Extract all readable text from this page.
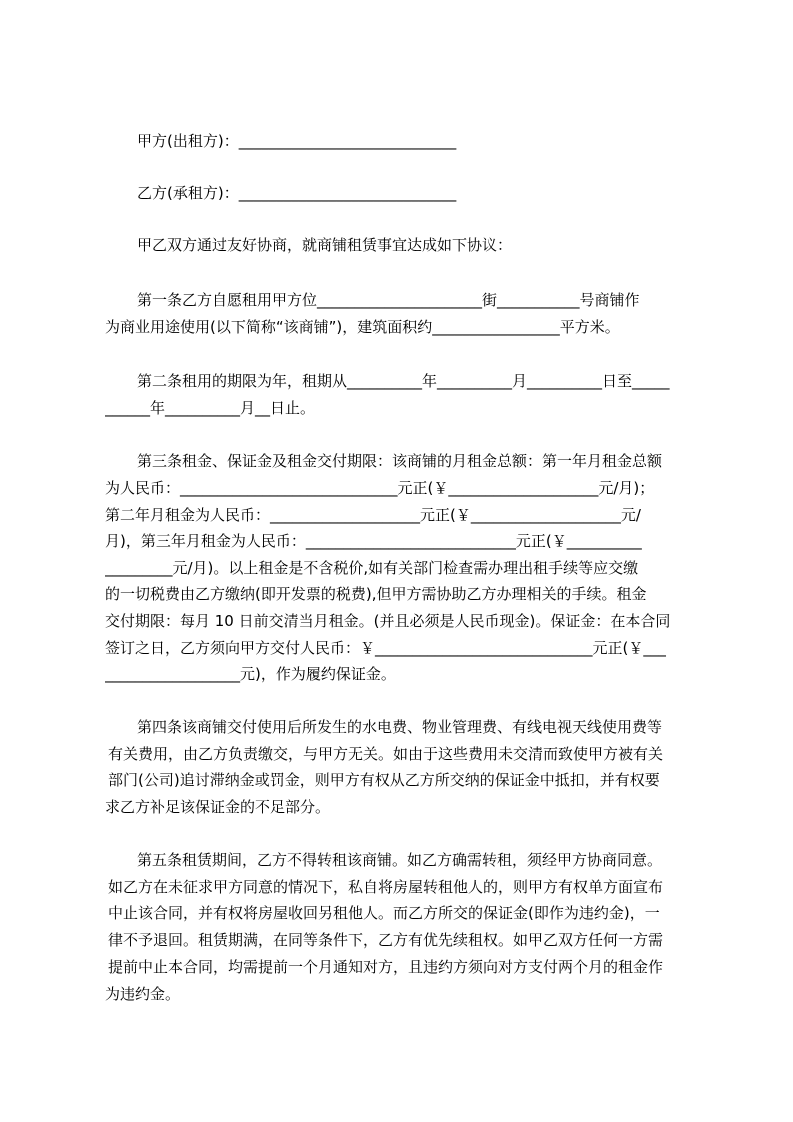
甲方(出租方)：_____________________________
乙方(承租方)：_____________________________
甲乙双方通过友好协商，就商铺租赁事宜达成如下协议：
第一条乙方自愿租用甲方位______________________街___________号商铺作
为商业用途使用(以下简称“该商铺”)，建筑面积约_________________平方米。
第二条租用的期限为年，租期从__________年__________月__________日至_____
______年__________月__日止。
第三条租金、保证金及租金交付期限：该商铺的月租金总额：第一年月租金总额
为人民币：_____________________________元正(￥____________________元/月)；
第二年月租金为人民币：____________________元正(￥____________________元/
月)，第三年月租金为人民币：____________________________元正(￥__________
_________元/月)。以上租金是不含税价,如有关部门检查需办理出租手续等应交缴
的一切税费由乙方缴纳(即开发票的税费),但甲方需协助乙方办理相关的手续。租金
交付期限：每月 10 日前交清当月租金。(并且必须是人民币现金)。保证金：在本合同
签订之日，乙方须向甲方交付人民币：￥_____________________________元正(￥___
__________________元)，作为履约保证金。
第四条该商铺交付使用后所发生的水电费、物业管理费、有线电视天线使用费等
有关费用，由乙方负责缴交，与甲方无关。如由于这些费用未交清而致使甲方被有关
部门(公司)追讨滞纳金或罚金，则甲方有权从乙方所交纳的保证金中抵扣，并有权要
求乙方补足该保证金的不足部分。
第五条租赁期间，乙方不得转租该商铺。如乙方确需转租，须经甲方协商同意。
如乙方在未征求甲方同意的情况下，私自将房屋转租他人的，则甲方有权单方面宣布
中止该合同，并有权将房屋收回另租他人。而乙方所交的保证金(即作为违约金)，一
律不予退回。租赁期满，在同等条件下，乙方有优先续租权。如甲乙双方任何一方需
提前中止本合同，均需提前一个月通知对方，且违约方须向对方支付两个月的租金作
为违约金。
